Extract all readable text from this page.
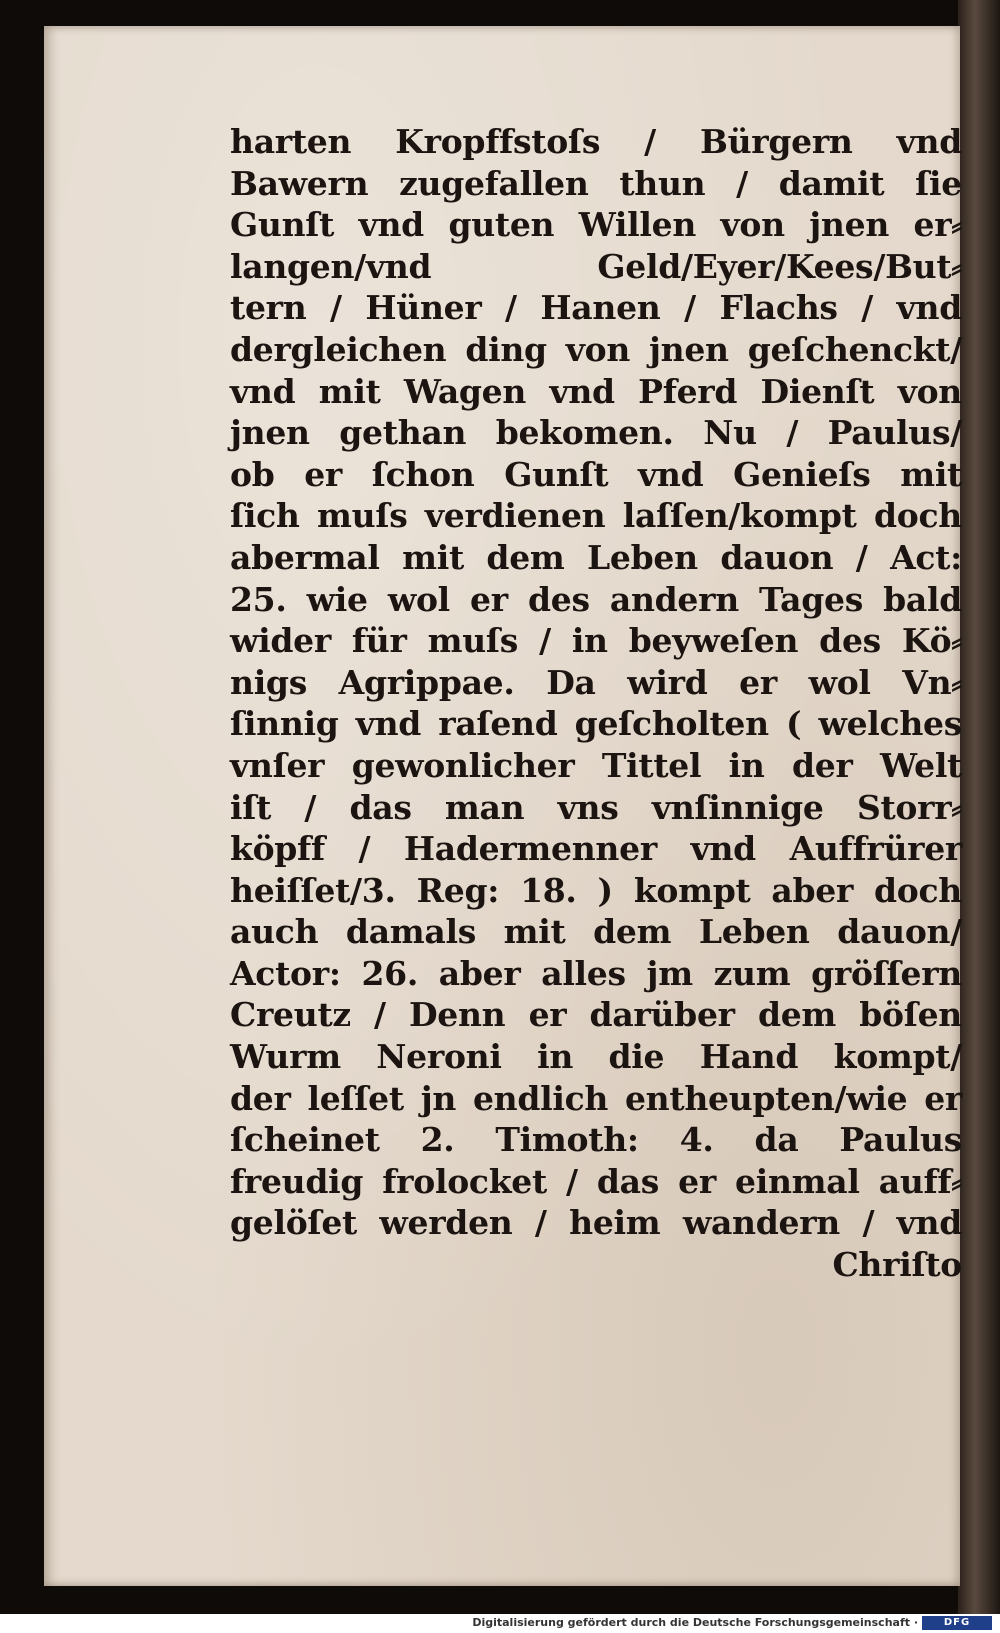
harten Kropffstoſs / Bürgern vnd
Bawern zugefallen thun / damit ſie
Gunſt vnd guten Willen von jnen er⸗
langen/vnd Geld/Eyer/Kees/But⸗
tern / Hüner / Hanen / Flachs / vnd
dergleichen ding von jnen geſchenckt/
vnd mit Wagen vnd Pferd Dienſt von
jnen gethan bekomen. Nu / Paulus/
ob er ſchon Gunſt vnd Genieſs mit
ſich muſs verdienen laſſen/kompt doch
abermal mit dem Leben dauon / Act:
25. wie wol er des andern Tages bald
wider für muſs / in beyweſen des Kö⸗
nigs Agrippae. Da wird er wol Vn⸗
ſinnig vnd raſend geſcholten ( welches
vnſer gewonlicher Tittel in der Welt
iſt / das man vns vnſinnige Storr⸗
köpff / Hadermenner vnd Auffrürer
heiſſet/3. Reg: 18. ) kompt aber doch
auch damals mit dem Leben dauon/
Actor: 26. aber alles jm zum gröſſern
Creutz / Denn er darüber dem böſen
Wurm Neroni in die Hand kompt/
der leſſet jn endlich entheupten/wie er
ſcheinet 2. Timoth: 4. da Paulus
freudig frolocket / das er einmal auff⸗
gelöſet werden / heim wandern / vnd
Chriſto
Digitalisierung gefördert durch die Deutsche Forschungsgemeinschaft ·	DFG
